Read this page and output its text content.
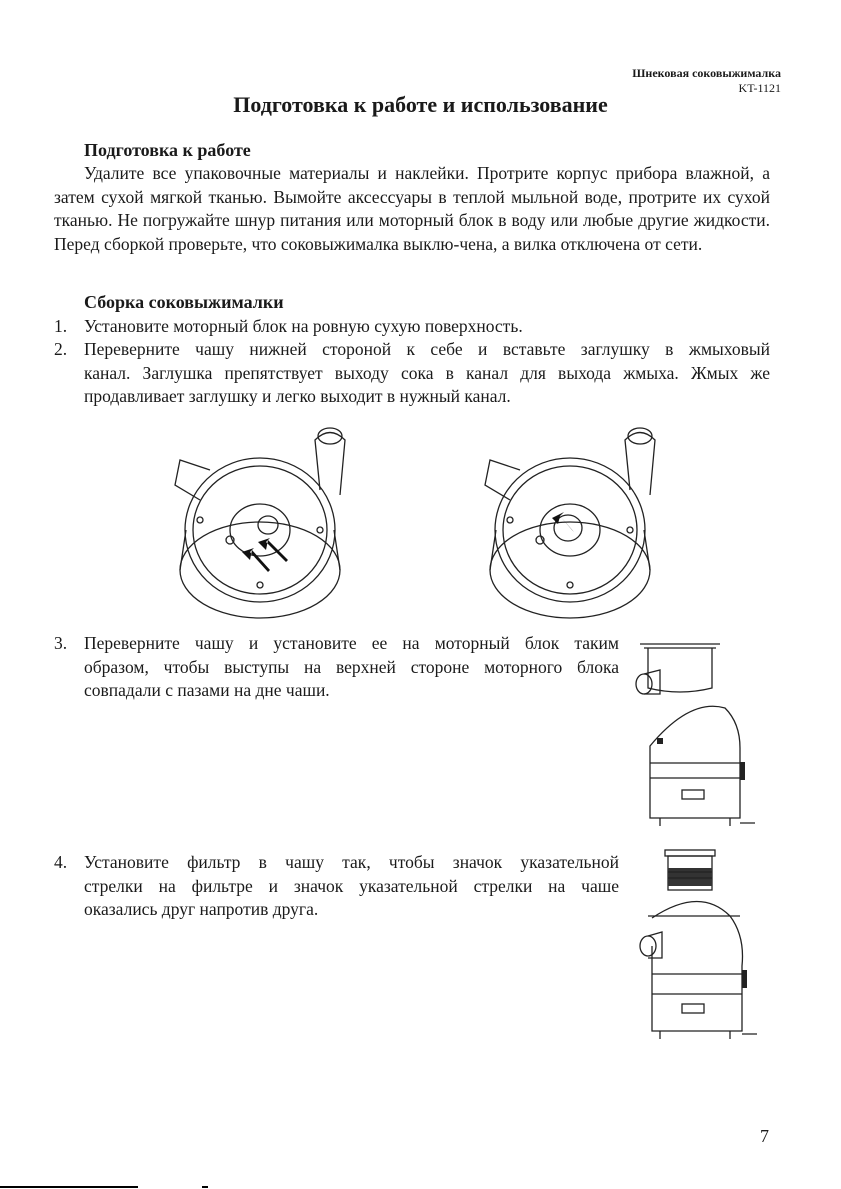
Шнековая соковыжималка
KT-1121
Подготовка к работе и использование
Подготовка к работе
Удалите все упаковочные материалы и наклейки. Протрите корпус прибора влажной, а затем сухой мягкой тканью. Вымойте аксессуары в теплой мыльной воде, протрите их сухой тканью. Не погружайте шнур питания или моторный блок в воду или любые другие жидкости. Перед сборкой проверьте, что соковыжималка выклю-чена, а вилка отключена от сети.
Сборка соковыжималки
1. Установите моторный блок на ровную сухую поверхность.
2. Переверните чашу нижней стороной к себе и вставьте заглушку в жмыховый
канал. Заглушка препятствует выходу сока в канал для выхода жмыха. Жмых же
продавливает заглушку и легко выходит в нужный канал.
3. Переверните чашу и установите ее на моторный блок таким
образом, чтобы выступы на верхней стороне моторного блока
совпадали с пазами на дне чаши.
4. Установите фильтр в чашу так, чтобы значок указательной
стрелки на фильтре и значок указательной стрелки на чаше
оказались друг напротив друга.
7
